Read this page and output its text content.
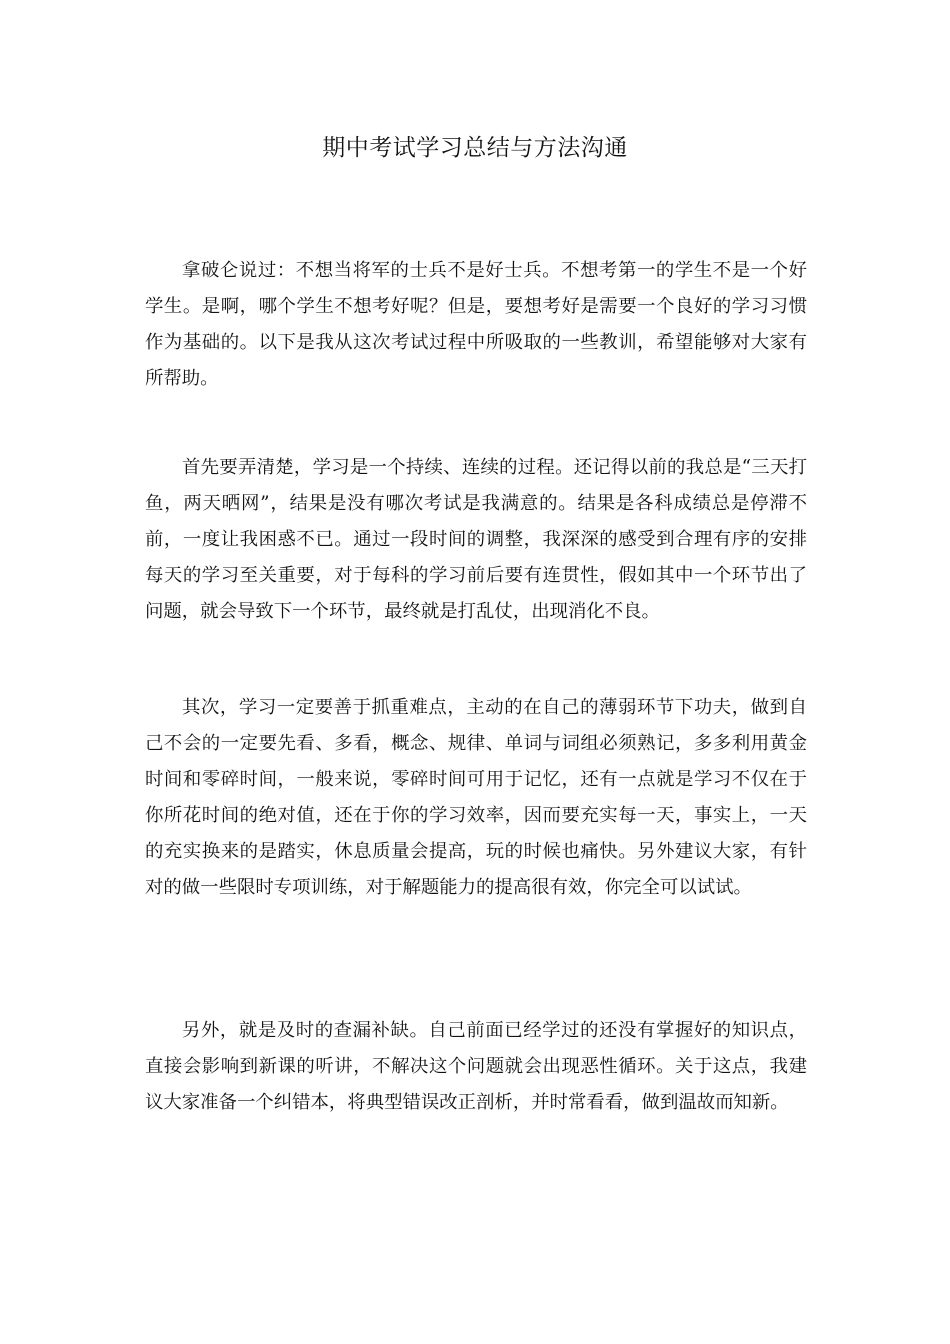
期中考试学习总结与方法沟通

拿破仑说过：不想当将军的士兵不是好士兵。不想考第一的学生不是一个好学生。是啊，哪个学生不想考好呢？但是，要想考好是需要一个良好的学习习惯作为基础的。以下是我从这次考试过程中所吸取的一些教训，希望能够对大家有所帮助。

首先要弄清楚，学习是一个持续、连续的过程。还记得以前的我总是“三天打鱼，两天晒网”，结果是没有哪次考试是我满意的。结果是各科成绩总是停滞不前，一度让我困惑不已。通过一段时间的调整，我深深的感受到合理有序的安排每天的学习至关重要，对于每科的学习前后要有连贯性，假如其中一个环节出了问题，就会导致下一个环节，最终就是打乱仗，出现消化不良。

其次，学习一定要善于抓重难点，主动的在自己的薄弱环节下功夫，做到自己不会的一定要先看、多看，概念、规律、单词与词组必须熟记，多多利用黄金时间和零碎时间，一般来说，零碎时间可用于记忆，还有一点就是学习不仅在于你所花时间的绝对值，还在于你的学习效率，因而要充实每一天，事实上，一天的充实换来的是踏实，休息质量会提高，玩的时候也痛快。另外建议大家，有针对的做一些限时专项训练，对于解题能力的提高很有效，你完全可以试试。

另外，就是及时的查漏补缺。自己前面已经学过的还没有掌握好的知识点，直接会影响到新课的听讲，不解决这个问题就会出现恶性循环。关于这点，我建议大家准备一个纠错本，将典型错误改正剖析，并时常看看，做到温故而知新。
